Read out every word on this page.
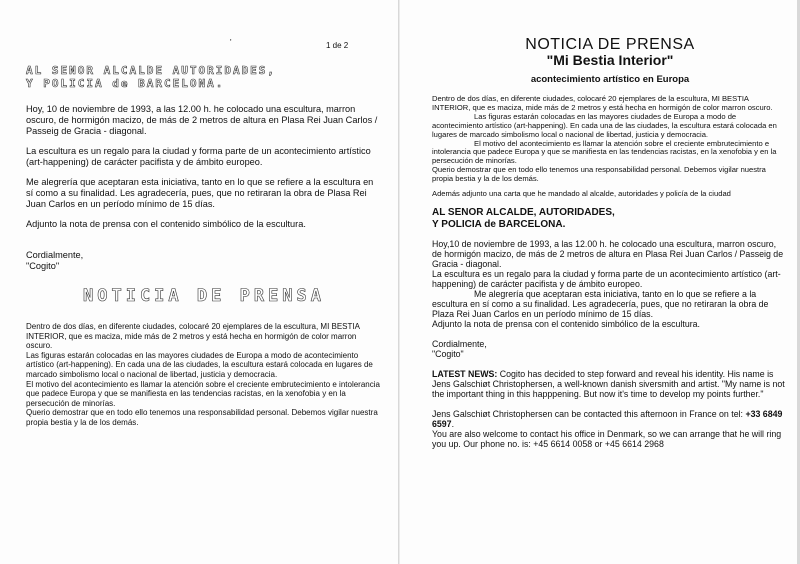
'	1 de 2

AL SENOR ALCALDE AUTORIDADES,

Y POLICIA de BARCELONA.

Hoy, 10 de noviembre de 1993, a las 12.00 h. he colocado una escultura, marron oscuro, de hormigón macizo, de más de 2 metros de altura en Plasa Rei Juan Carlos / Passeig de Gracia - diagonal.

La escultura es un regalo para la ciudad y forma parte de un acontecimiento artístico (art-happening) de carácter pacifista y de ámbito europeo.

Me alegrería que aceptaran esta iniciativa, tanto en lo que se refiere a la escultura en sí como a su finalidad. Les agradecería, pues, que no retiraran la obra de Plasa Rei Juan Carlos en un período mínimo de 15 días.

Adjunto la nota de prensa con el contenido simbólico de la escultura.

Cordialmente,

"Cogito"

NOTICIA DE PRENSA

Dentro de dos días, en diferente ciudades, colocaré 20 ejemplares de la escultura, MI BESTIA INTERIOR, que es maciza, mide más de 2 metros y está hecha en hormigón de color marron oscuro.

Las figuras estarán colocadas en las mayores ciudades de Europa a modo de acontecimiento artístico (art-happening). En cada una de las ciudades, la escultura estará colocada en lugares de marcado simbolismo local o nacional de libertad, justicia y democracia.

El motivo del acontecimiento es llamar la atención sobre el creciente embrutecimiento e intolerancia que padece Europa y que se manifiesta en las tendencias racistas, en la xenofobia y en la persecución de minorías.

Querio demostrar que en todo ello tenemos una responsabilidad personal. Debemos vigilar nuestra propia bestia y la de los demás.

NOTICIA DE PRENSA
"Mi Bestia Interior"
acontecimiento artístico en Europa

Dentro de dos días, en diferente ciudades, colocaré 20 ejemplares de la escultura, MI BESTIA INTERIOR, que es maciza, mide más de 2 metros y está hecha en hormigón de color marron oscuro.

Las figuras estarán colocadas en las mayores ciudades de Europa a modo de acontecimiento artístico (art-happening). En cada una de las ciudades, la escultura estará colocada en lugares de marcado simbolismo local o nacional de libertad, justicia y democracia.

El motivo del acontecimiento es llamar la atención sobre el creciente embrutecimiento e intolerancia que padece Europa y que se manifiesta en las tendencias racistas, en la xenofobia y en la persecución de minorías.

Querio demostrar que en todo ello tenemos una responsabilidad personal. Debemos vigilar nuestra propia bestia y la de los demás.

Además adjunto una carta que he mandado al alcalde, autoridades y policía de la ciudad

AL SENOR ALCALDE, AUTORIDADES,

Y POLICIA de BARCELONA.

Hoy,10 de noviembre de 1993, a las 12.00 h. he colocado una escultura, marron oscuro, de hormigón macizo, de más de 2 metros de altura en Plasa Rei Juan Carlos / Passeig de Gracia - diagonal.

La escultura es un regalo para la ciudad y forma parte de un acontecimiento artístico (art-happening) de carácter pacifista y de ámbito europeo.

Me alegrería que aceptaran esta iniciativa, tanto en lo que se refiere a la escultura en sí como a su finalidad. Les agradecería, pues, que no retiraran la obra de Plaza Rei Juan Carlos en un período mínimo de 15 días.

Adjunto la nota de prensa con el contenido simbólico de la escultura.

Cordialmente,

"Cogito"

LATEST NEWS: Cogito has decided to step forward and reveal his identity. His name is Jens Galschiøt Christophersen, a well-known danish siversmith and artist. "My name is not the important thing in this happpening. But now it's time to develop my points further."

Jens Galschiøt Christophersen can be contacted this afternoon in France on tel: +33 6849 6597.
You are also welcome to contact his office in Denmark, so we can arrange that he will ring you up. Our phone no. is: +45 6614 0058 or +45 6614 2968
